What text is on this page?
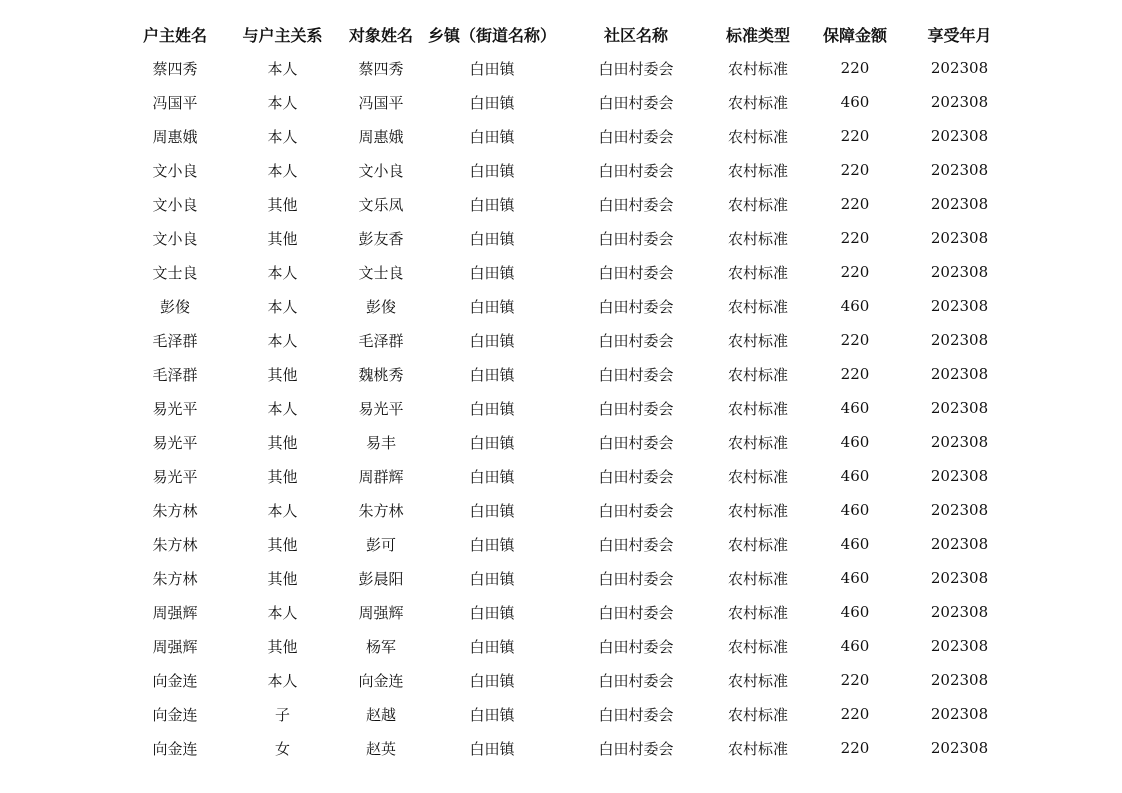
户主姓名	与户主关系	对象姓名	乡镇（街道名称）	社区名称	标准类型	保障金额	享受年月
蔡四秀	本人	蔡四秀	白田镇	白田村委会	农村标准	220	202308
冯国平	本人	冯国平	白田镇	白田村委会	农村标准	460	202308
周惠娥	本人	周惠娥	白田镇	白田村委会	农村标准	220	202308
文小良	本人	文小良	白田镇	白田村委会	农村标准	220	202308
文小良	其他	文乐凤	白田镇	白田村委会	农村标准	220	202308
文小良	其他	彭友香	白田镇	白田村委会	农村标准	220	202308
文士良	本人	文士良	白田镇	白田村委会	农村标准	220	202308
彭俊	本人	彭俊	白田镇	白田村委会	农村标准	460	202308
毛泽群	本人	毛泽群	白田镇	白田村委会	农村标准	220	202308
毛泽群	其他	魏桃秀	白田镇	白田村委会	农村标准	220	202308
易光平	本人	易光平	白田镇	白田村委会	农村标准	460	202308
易光平	其他	易丰	白田镇	白田村委会	农村标准	460	202308
易光平	其他	周群辉	白田镇	白田村委会	农村标准	460	202308
朱方林	本人	朱方林	白田镇	白田村委会	农村标准	460	202308
朱方林	其他	彭可	白田镇	白田村委会	农村标准	460	202308
朱方林	其他	彭晨阳	白田镇	白田村委会	农村标准	460	202308
周强辉	本人	周强辉	白田镇	白田村委会	农村标准	460	202308
周强辉	其他	杨军	白田镇	白田村委会	农村标准	460	202308
向金连	本人	向金连	白田镇	白田村委会	农村标准	220	202308
向金连	子	赵越	白田镇	白田村委会	农村标准	220	202308
向金连	女	赵英	白田镇	白田村委会	农村标准	220	202308
